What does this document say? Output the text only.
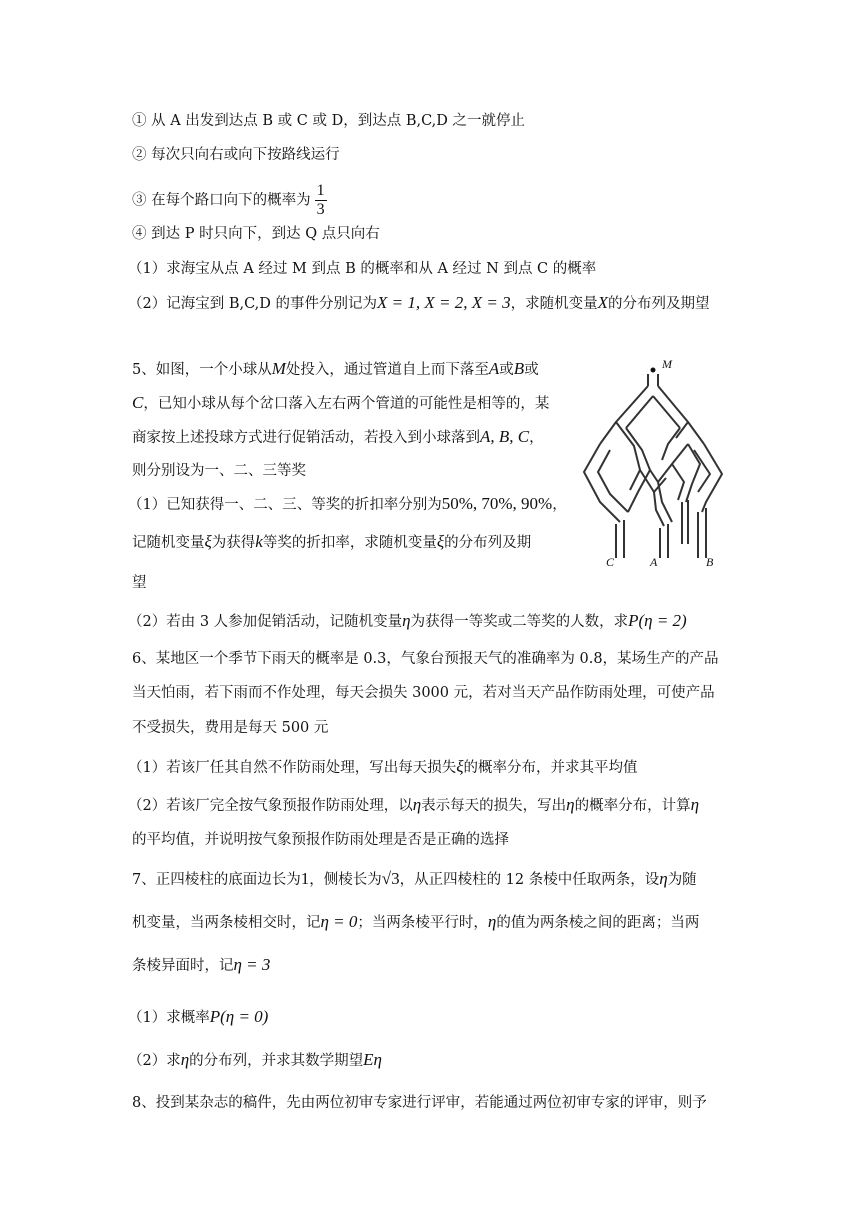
① 从 A 出发到达点 B 或 C 或 D，到达点 B,C,D 之一就停止
② 每次只向右或向下按路线运行
③ 在每个路口向下的概率为 $\frac{1}{3}$
④ 到达 P 时只向下，到达 Q 点只向右
（1）求海宝从点 A 经过 M 到点 B 的概率和从 A 经过 N 到点 C 的概率
（2）记海宝到 B,C,D 的事件分别记为X = 1, X = 2, X = 3，求随机变量X的分布列及期望
5、如图，一个小球从M处投入，通过管道自上而下落至A或B或
C，已知小球从每个岔口落入左右两个管道的可能性是相等的，某
商家按上述投球方式进行促销活动，若投入到小球落到A, B, C，
则分别设为一、二、三等奖
（1）已知获得一、二、三、等奖的折扣率分别为50%, 70%, 90%，
记随机变量ξ为获得k等奖的折扣率，求随机变量ξ的分布列及期
望
（2）若由 3 人参加促销活动，记随机变量η为获得一等奖或二等奖的人数，求P(η = 2)
M
C	A	B
6、某地区一个季节下雨天的概率是 0.3，气象台预报天气的准确率为 0.8，某场生产的产品
当天怕雨，若下雨而不作处理，每天会损失 3000 元，若对当天产品作防雨处理，可使产品
不受损失，费用是每天 500 元
（1）若该厂任其自然不作防雨处理，写出每天损失ξ的概率分布，并求其平均值
（2）若该厂完全按气象预报作防雨处理，以η表示每天的损失，写出η的概率分布，计算η
的平均值，并说明按气象预报作防雨处理是否是正确的选择
7、正四棱柱的底面边长为1，侧棱长为√3，从正四棱柱的 12 条棱中任取两条，设η为随
机变量，当两条棱相交时，记η = 0；当两条棱平行时，η的值为两条棱之间的距离；当两
条棱异面时，记η = 3
（1）求概率P(η = 0)
（2）求η的分布列，并求其数学期望Eη
8、投到某杂志的稿件，先由两位初审专家进行评审，若能通过两位初审专家的评审，则予
